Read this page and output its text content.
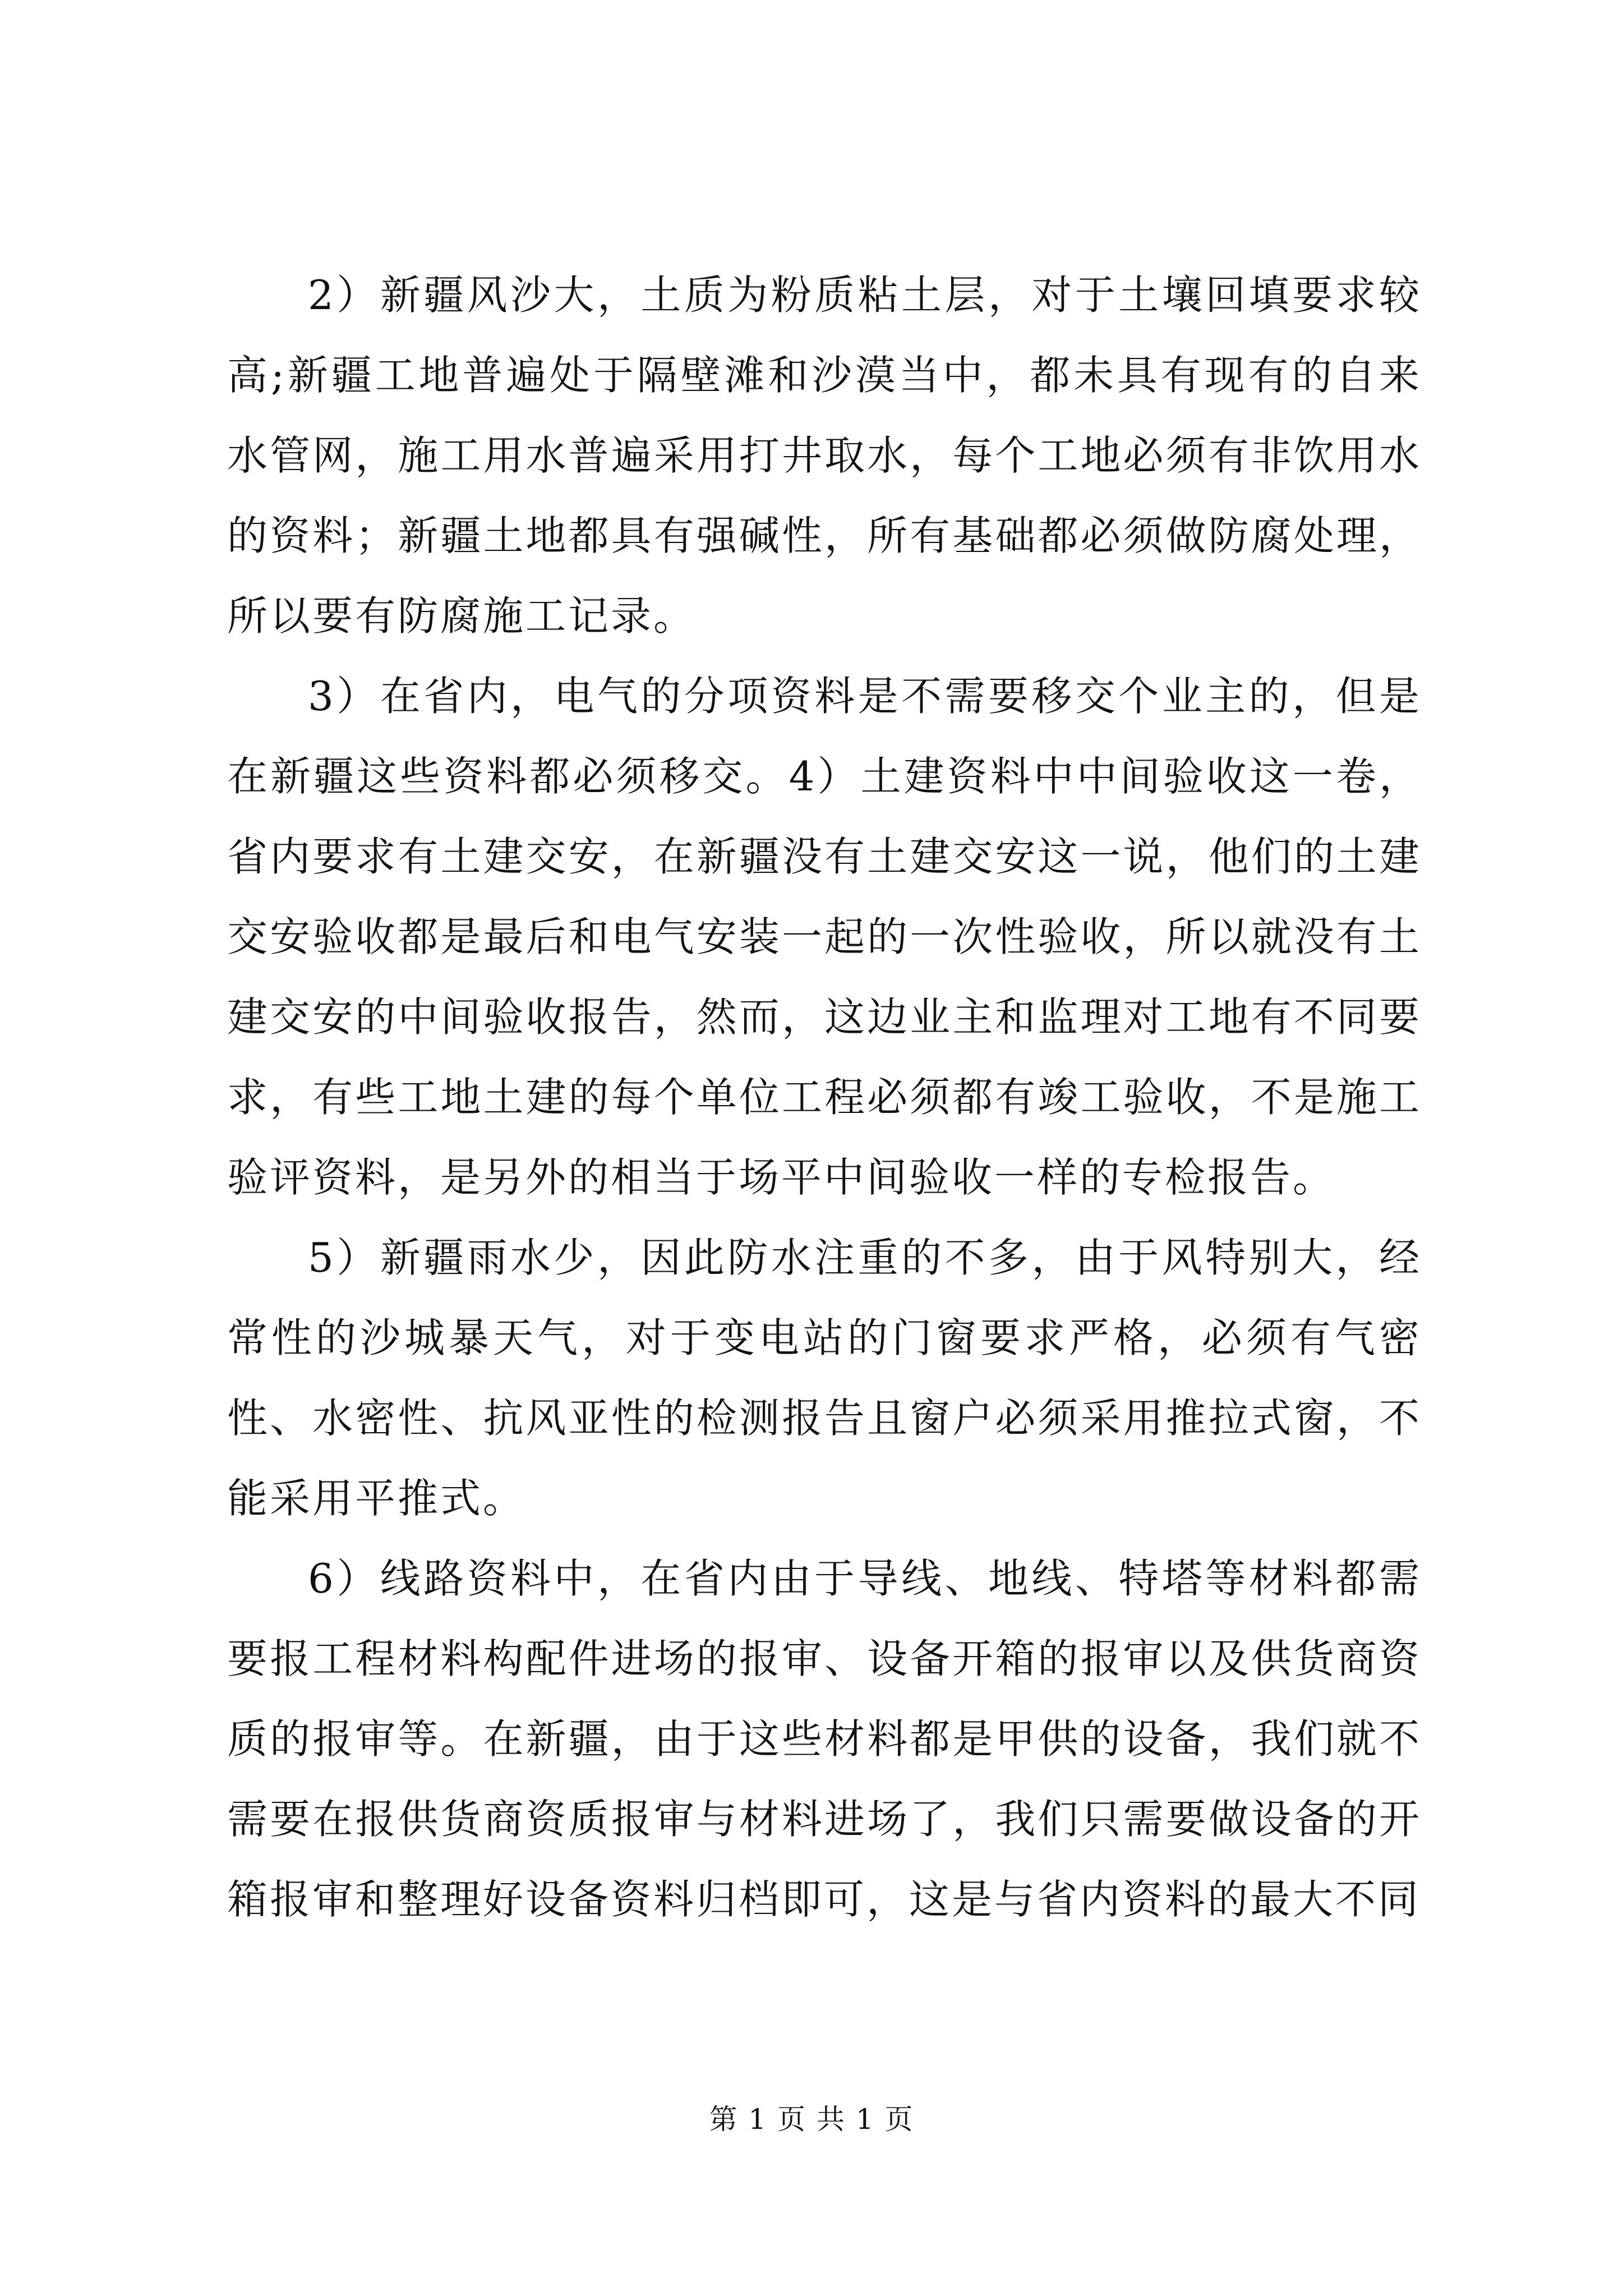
2）新疆风沙大，土质为粉质粘土层，对于土壤回填要求较高;新疆工地普遍处于隔壁滩和沙漠当中，都未具有现有的自来水管网，施工用水普遍采用打井取水，每个工地必须有非饮用水的资料；新疆土地都具有强碱性，所有基础都必须做防腐处理，所以要有防腐施工记录。

3）在省内，电气的分项资料是不需要移交个业主的，但是在新疆这些资料都必须移交。4）土建资料中中间验收这一卷，省内要求有土建交安，在新疆没有土建交安这一说，他们的土建交安验收都是最后和电气安装一起的一次性验收，所以就没有土建交安的中间验收报告，然而，这边业主和监理对工地有不同要求，有些工地土建的每个单位工程必须都有竣工验收，不是施工验评资料，是另外的相当于场平中间验收一样的专检报告。

5）新疆雨水少，因此防水注重的不多，由于风特别大，经常性的沙城暴天气，对于变电站的门窗要求严格，必须有气密性、水密性、抗风亚性的检测报告且窗户必须采用推拉式窗，不能采用平推式。

6）线路资料中，在省内由于导线、地线、特塔等材料都需要报工程材料构配件进场的报审、设备开箱的报审以及供货商资质的报审等。在新疆，由于这些材料都是甲供的设备，我们就不需要在报供货商资质报审与材料进场了，我们只需要做设备的开箱报审和整理好设备资料归档即可，这是与省内资料的最大不同

第 1 页 共 1 页
